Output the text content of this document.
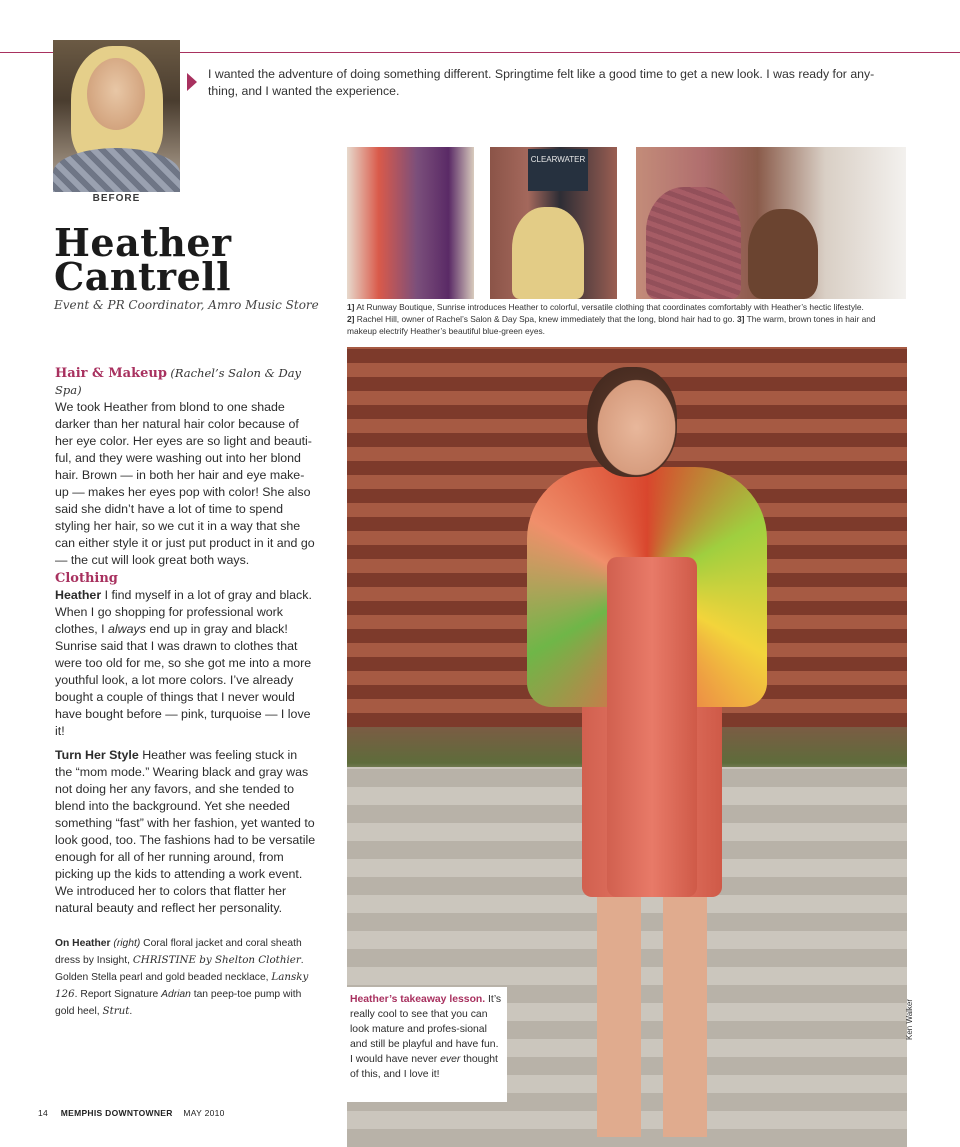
BEFORE
I wanted the adventure of doing something different. Springtime felt like a good time to get a new look. I was ready for any-thing, and I wanted the experience.
Heather
Cantrell
Event & PR Coordinator, Amro Music Store
CLEARWATER
1] At Runway Boutique, Sunrise introduces Heather to colorful, versatile clothing that coordinates comfortably with Heather’s hectic lifestyle.
2] Rachel Hill, owner of Rachel’s Salon & Day Spa, knew immediately that the long, blond hair had to go. 3] The warm, brown tones in hair and makeup electrify Heather’s beautiful blue-green eyes.

Hair & Makeup (Rachel’s Salon & Day Spa)

We took Heather from blond to one shade darker than her natural hair color because of her eye color. Her eyes are so light and beauti-ful, and they were washing out into her blond hair. Brown — in both her hair and eye make-up — makes her eyes pop with color! She also said she didn’t have a lot of time to spend styling her hair, so we cut it in a way that she can either style it or just put product in it and go — the cut will look great both ways.

Clothing

Heather I find myself in a lot of gray and black. When I go shopping for professional work clothes, I always end up in gray and black! Sunrise said that I was drawn to clothes that were too old for me, so she got me into a more youthful look, a lot more colors. I’ve already bought a couple of things that I never would have bought before — pink, turquoise — I love it!

Turn Her Style Heather was feeling stuck in the “mom mode.” Wearing black and gray was not doing her any favors, and she tended to blend into the background. Yet she needed something “fast” with her fashion, yet wanted to look good, too. The fashions had to be versatile enough for all of her running around, from picking up the kids to attending a work event. We introduced her to colors that flatter her natural beauty and reflect her personality.

On Heather (right) Coral floral jacket and coral sheath dress by Insight, CHRISTINE by Shelton Clothier. Golden Stella pearl and gold beaded necklace, Lansky 126. Report Signature Adrian tan peep-toe pump with gold heel, Strut.
Heather’s takeaway lesson. It’s really cool to see that you can look mature and profes-sional and still be playful and have fun. I would have never ever thought of this, and I love it!
Ken Walker
14 MEMPHIS DOWNTOWNER MAY 2010
